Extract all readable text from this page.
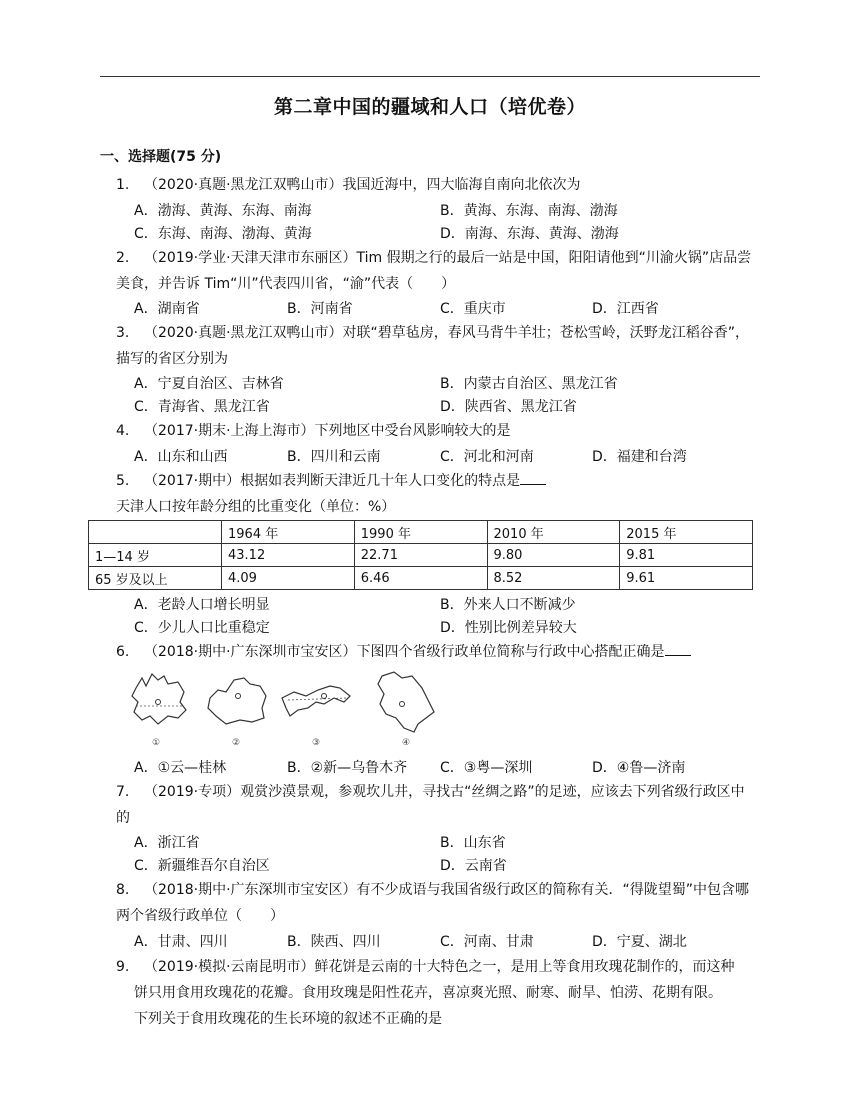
第二章中国的疆域和人口（培优卷）
一、选择题(75 分)
1. （2020·真题·黑龙江双鸭山市）我国近海中，四大临海自南向北依次为
A．渤海、黄海、东海、南海	B．黄海、东海、南海、渤海
C．东海、南海、渤海、黄海	D．南海、东海、黄海、渤海
2. （2019·学业·天津天津市东丽区）Tim 假期之行的最后一站是中国，阳阳请他到“川渝火锅”店品尝
美食，并告诉 Tim“川”代表四川省，“渝”代表（　　）
A．湖南省	B．河南省	C．重庆市	D．江西省
3. （2020·真题·黑龙江双鸭山市）对联“碧草毡房，春风马背牛羊壮；苍松雪岭，沃野龙江稻谷香”，
描写的省区分别为
A．宁夏自治区、吉林省	B．内蒙古自治区、黑龙江省
C．青海省、黑龙江省	D．陕西省、黑龙江省
4. （2017·期末·上海上海市）下列地区中受台风影响较大的是
A．山东和山西	B．四川和云南	C．河北和河南	D．福建和台湾
5. （2017·期中）根据如表判断天津近几十年人口变化的特点是
天津人口按年龄分组的比重变化（单位：%）
	1964 年	1990 年	2010 年	2015 年
1—14 岁	43.12	22.71	9.80	9.81
65 岁及以上	4.09	6.46	8.52	9.61
A．老龄人口增长明显	B．外来人口不断减少
C．少儿人口比重稳定	D．性别比例差异较大
6. （2018·期中·广东深圳市宝安区）下图四个省级行政单位简称与行政中心搭配正确是
①	②	③	④
A．①云—桂林	B．②新—乌鲁木齐 C．③粤—深圳	D．④鲁—济南
7. （2019·专项）观赏沙漠景观，参观坎儿井，寻找古“丝绸之路”的足迹，应该去下列省级行政区中
的
A．浙江省	B．山东省
C．新疆维吾尔自治区	D．云南省
8. （2018·期中·广东深圳市宝安区）有不少成语与我国省级行政区的简称有关．“得陇望蜀”中包含哪
两个省级行政单位（　　）
A．甘肃、四川	B．陕西、四川	C．河南、甘肃	D．宁夏、湖北
9. （2019·模拟·云南昆明市）鲜花饼是云南的十大特色之一，是用上等食用玫瑰花制作的，而这种
饼只用食用玫瑰花的花瓣。食用玫瑰是阳性花卉，喜凉爽光照、耐寒、耐旱、怕涝、花期有限。
下列关于食用玫瑰花的生长环境的叙述不正确的是
